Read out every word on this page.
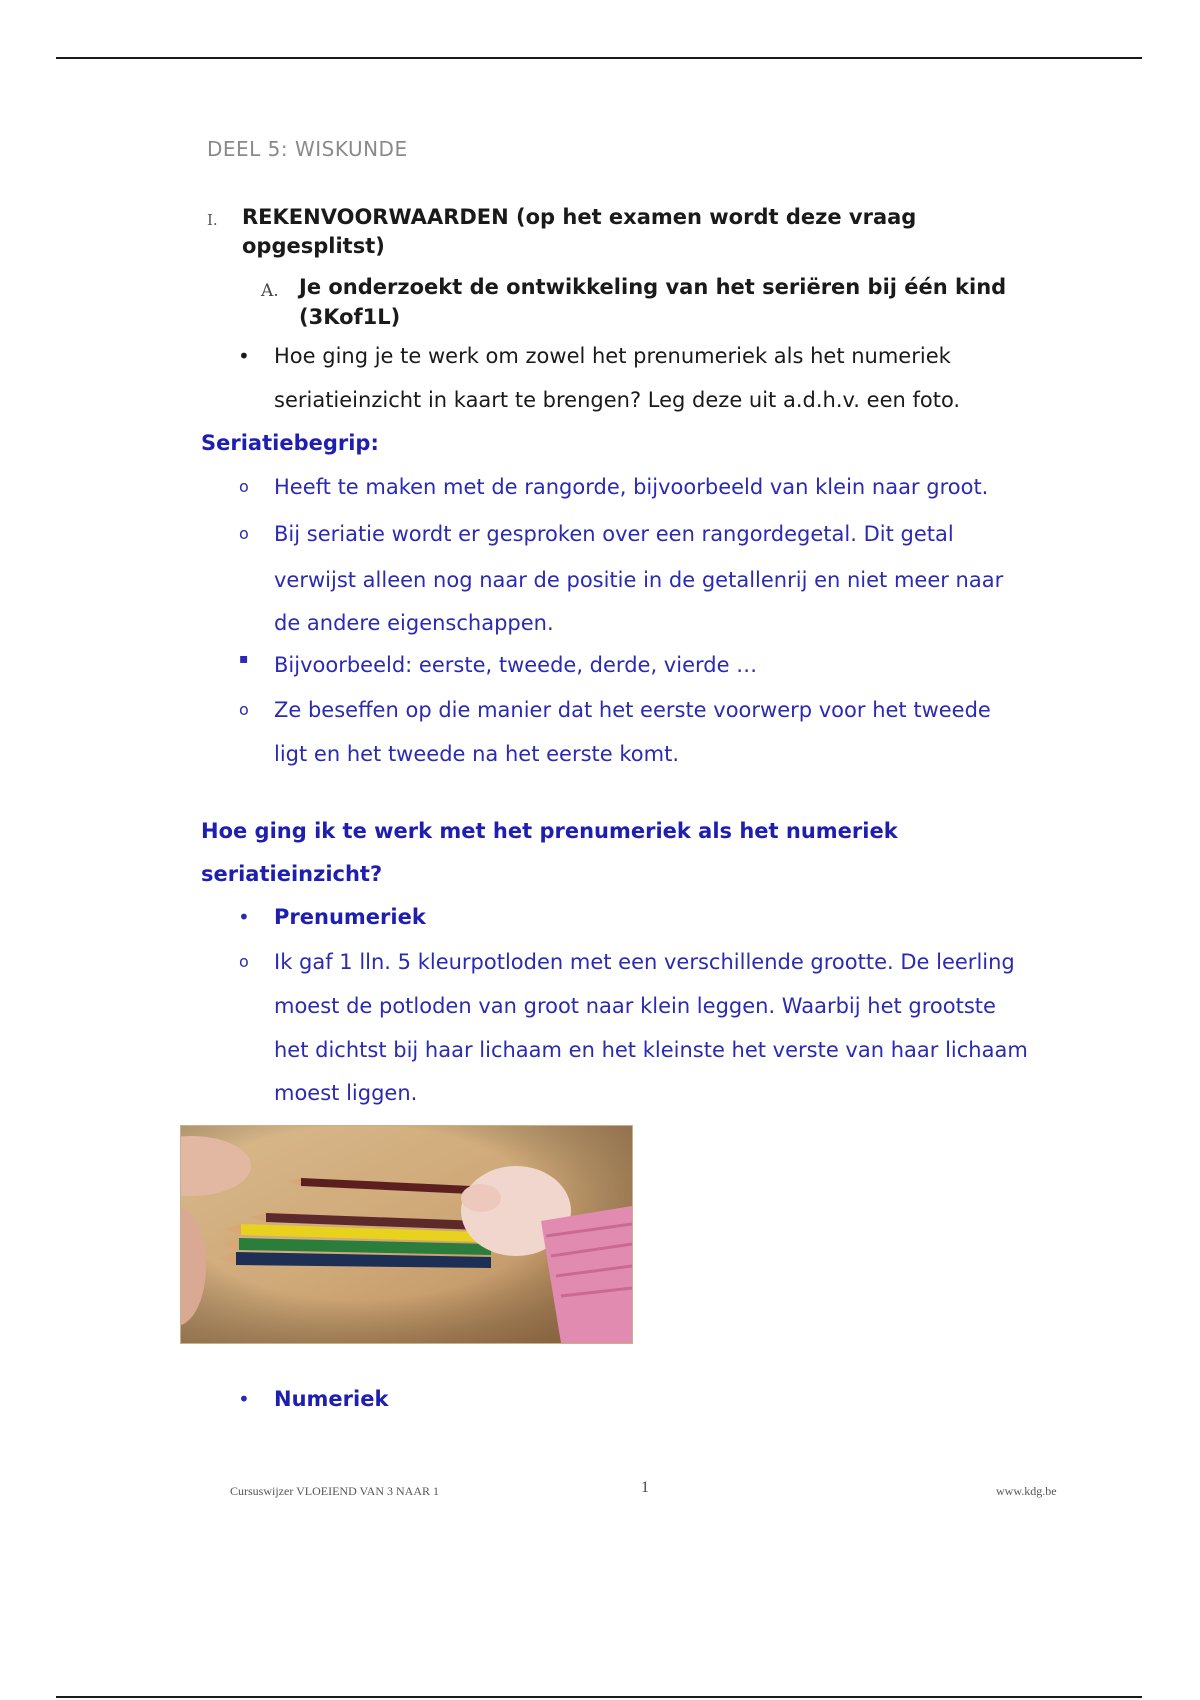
DEEL 5: WISKUNDE
I. REKENVOORWAARDEN (op het examen wordt deze vraag opgesplitst)
A. Je onderzoekt de ontwikkeling van het seriëren bij één kind (3Kof1L)
• Hoe ging je te werk om zowel het prenumeriek als het numeriek
seriatieinzicht in kaart te brengen? Leg deze uit a.d.h.v. een foto.
Seriatiebegrip:
o Heeft te maken met de rangorde, bijvoorbeeld van klein naar groot.
o Bij seriatie wordt er gesproken over een rangordegetal. Dit getal
verwijst alleen nog naar de positie in de getallenrij en niet meer naar
de andere eigenschappen.
▪ Bijvoorbeeld: eerste, tweede, derde, vierde …
o Ze beseffen op die manier dat het eerste voorwerp voor het tweede
ligt en het tweede na het eerste komt.
Hoe ging ik te werk met het prenumeriek als het numeriek
seriatieinzicht?
• Prenumeriek
o Ik gaf 1 lln. 5 kleurpotloden met een verschillende grootte. De leerling
moest de potloden van groot naar klein leggen. Waarbij het grootste
het dichtst bij haar lichaam en het kleinste het verste van haar lichaam
moest liggen.
• Numeriek
Cursuswijzer VLOEIEND VAN 3 NAAR 1	1	www.kdg.be
